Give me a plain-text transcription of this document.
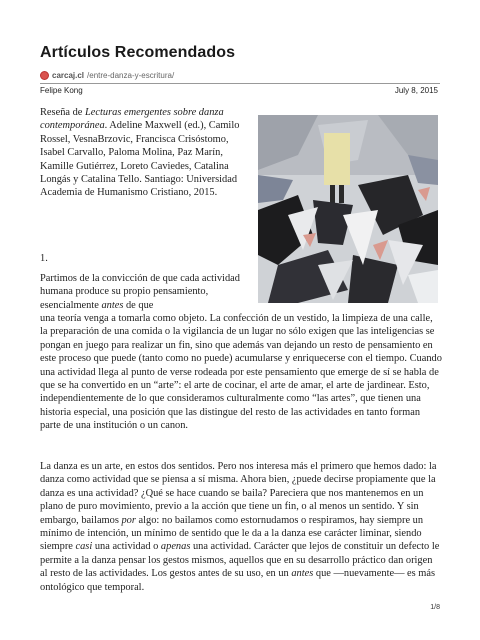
Artículos Recomendados
carcaj.cl /entre-danza-y-escritura/
Felipe Kong	July 8, 2015
Reseña de Lecturas emergentes sobre danza contemporánea. Adeline Maxwell (ed.), Camilo Rossel, VesnaBrzovic, Francisca Crisóstomo, Isabel Carvallo, Paloma Molina, Paz Marín, Kamille Gutiérrez, Loreto Caviedes, Catalina Longás y Catalina Tello. Santiago: Universidad Academia de Humanismo Cristiano, 2015.
1.
Partimos de la convicción de que cada actividad humana produce su propio pensamiento, esencialmente antes de que
una teoría venga a tomarla como objeto. La confección de un vestido, la limpieza de una calle, la preparación de una comida o la vigilancia de un lugar no sólo exigen que las inteligencias se pongan en juego para realizar un fin, sino que además van dejando un resto de pensamiento en este proceso que puede (tanto como no puede) acumularse y enriquecerse con el tiempo. Cuando una actividad llega al punto de verse rodeada por este pensamiento que emerge de sí se habla de que se ha convertido en un “arte”: el arte de cocinar, el arte de amar, el arte de jardinear. Esto, independientemente de lo que consideramos culturalmente como “las artes”, que tienen una historia especial, una posición que las distingue del resto de las actividades en tanto forman parte de una institución o un canon.
La danza es un arte, en estos dos sentidos. Pero nos interesa más el primero que hemos dado: la danza como actividad que se piensa a sí misma. Ahora bien, ¿puede decirse propiamente que la danza es una actividad? ¿Qué se hace cuando se baila? Pareciera que nos mantenemos en un plano de puro movimiento, previo a la acción que tiene un fin, o al menos un sentido. Y sin embargo, bailamos por algo: no bailamos como estornudamos o respiramos, hay siempre un mínimo de intención, un mínimo de sentido que le da a la danza ese carácter liminar, siendo siempre casi una actividad o apenas una actividad. Carácter que lejos de constituir un defecto le permite a la danza pensar los gestos mismos, aquellos que en su desarrollo práctico dan origen al resto de las actividades. Los gestos antes de su uso, en un antes que —nuevamente— es más ontológico que temporal.
1/8
